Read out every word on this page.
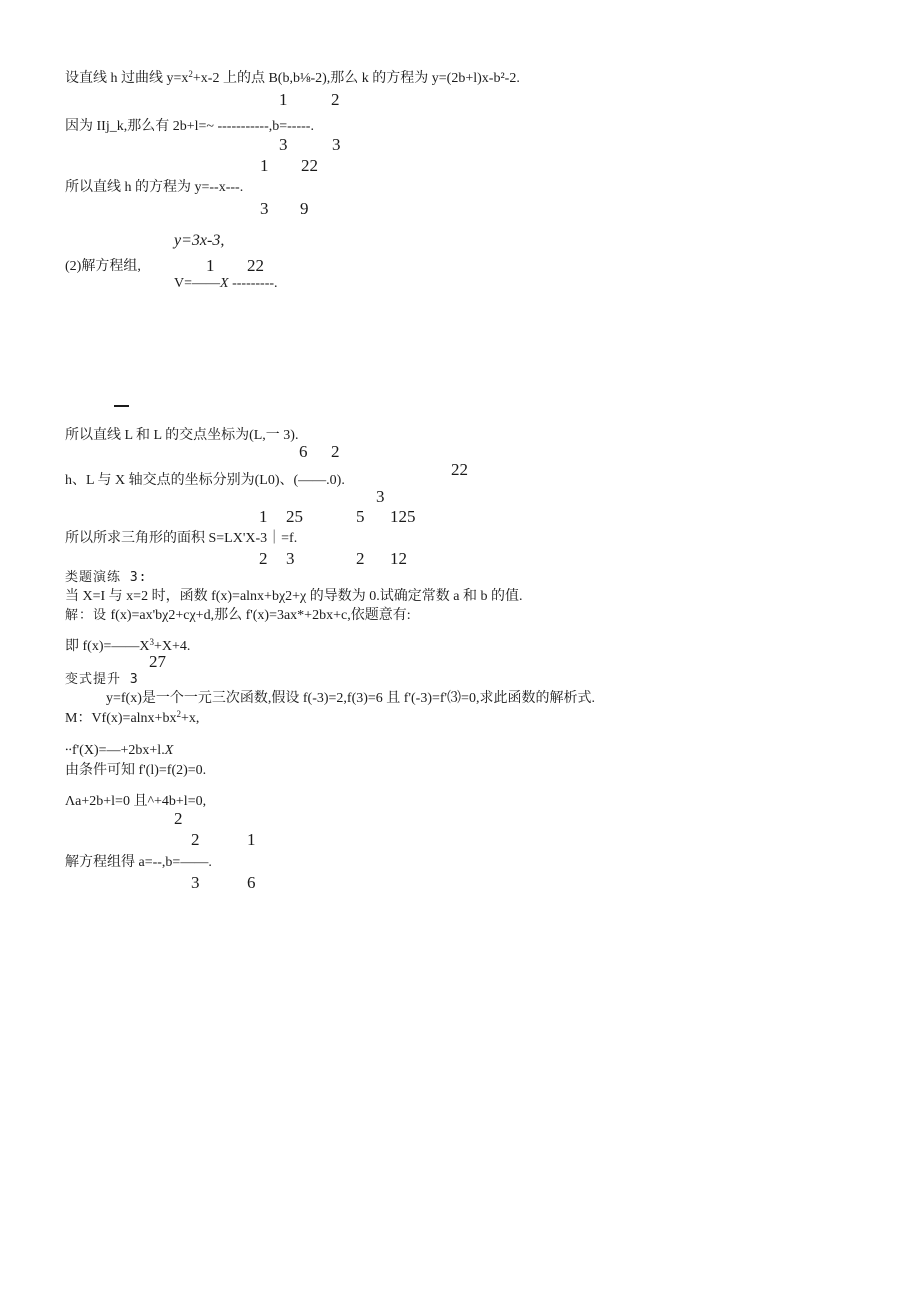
设直线 h 过曲线 $y=x^2+x-2$ 上的点 B(b,b⅛-2),那么 k 的方程为 y=(2b+l)x-b²-2.
1	2
因为 IIj_k,那么有 2b+l=~ -----------,b=-----.
3	3
1 22
所以直线 h 的方程为 y=--x---.
3 9
y=3x-3,
(2)解方程组,	1 22
V=——X ---------.
所以直线 L 和 L 的交点坐标为(L,一 3).
6 2
22
h、L 与 X 轴交点的坐标分别为(L0)、(——.0).
3
1 25	5 125
所以所求三角形的面积 S=LX'X-3｜=f.
2 3	2 12
类题演练 3:
当 X=I 与 x=2 时，函数 f(x)=alnx+bχ2+χ 的导数为 0.试确定常数 a 和 b 的值.
解：设 f(x)=ax'bχ2+cχ+d,那么 f'(x)=3ax*+2bx+c,依题意有:
即 $f(x)=——X^3+X+4$.
27
变式提升 3
y=f(x)是一个一元三次函数,假设 f(-3)=2,f(3)=6 且 f'(-3)=f'⑶=0,求此函数的解析式.
M：$Vf(x)=alnx+bx^2+x$,
∙∙f'(X)=—+2bx+l.X
由条件可知 f'(l)=f(2)=0.
Λa+2b+l=0 且^+4b+l=0,
2
2	1
解方程组得 a=--,b=——.
3	6
